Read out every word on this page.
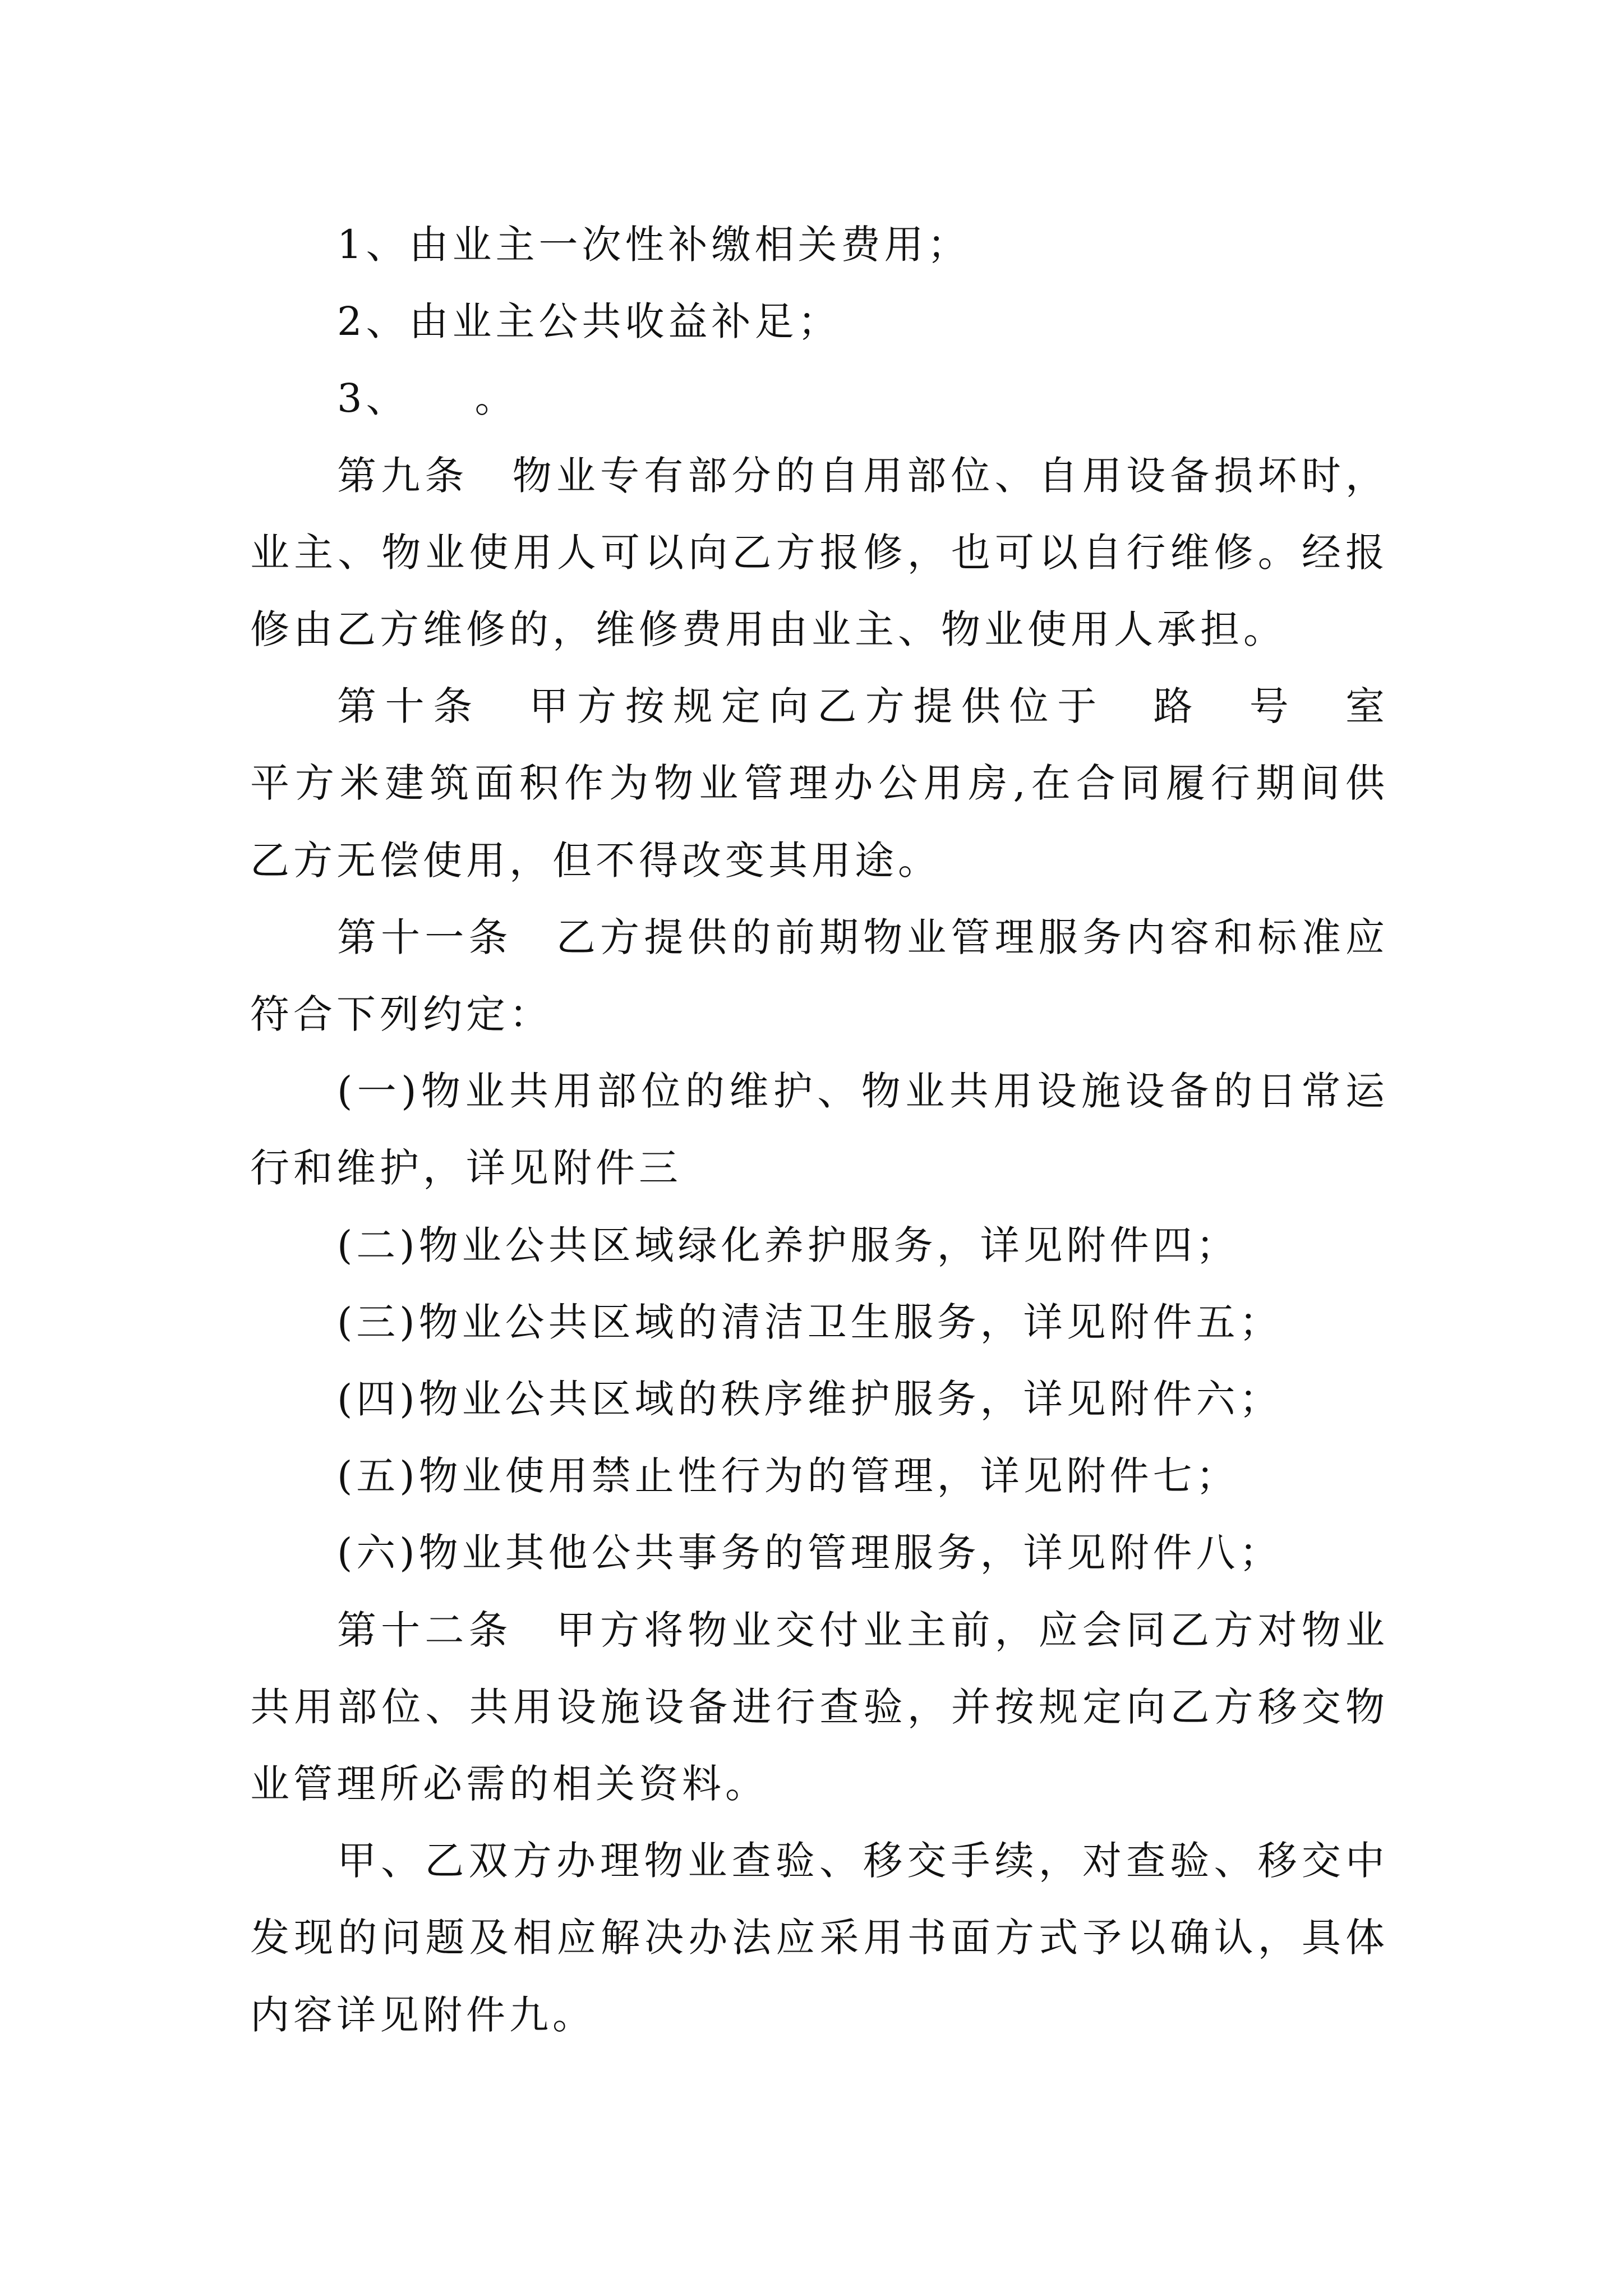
1、由业主一次性补缴相关费用；

2、由业主公共收益补足；

3、    。

第九条　物业专有部分的自用部位、自用设备损坏时，业主、物业使用人可以向乙方报修，也可以自行维修。经报修由乙方维修的，维修费用由业主、物业使用人承担。

第十条　甲方按规定向乙方提供位于　路　号　室　　平方米建筑面积作为物业管理办公用房,在合同履行期间供乙方无偿使用，但不得改变其用途。

第十一条　乙方提供的前期物业管理服务内容和标准应符合下列约定：

(一)物业共用部位的维护、物业共用设施设备的日常运行和维护，详见附件三

(二)物业公共区域绿化养护服务，详见附件四；

(三)物业公共区域的清洁卫生服务，详见附件五；

(四)物业公共区域的秩序维护服务，详见附件六；

(五)物业使用禁止性行为的管理，详见附件七；

(六)物业其他公共事务的管理服务，详见附件八；

第十二条　甲方将物业交付业主前，应会同乙方对物业共用部位、共用设施设备进行查验，并按规定向乙方移交物业管理所必需的相关资料。

甲、乙双方办理物业查验、移交手续，对查验、移交中发现的问题及相应解决办法应采用书面方式予以确认，具体内容详见附件九。
